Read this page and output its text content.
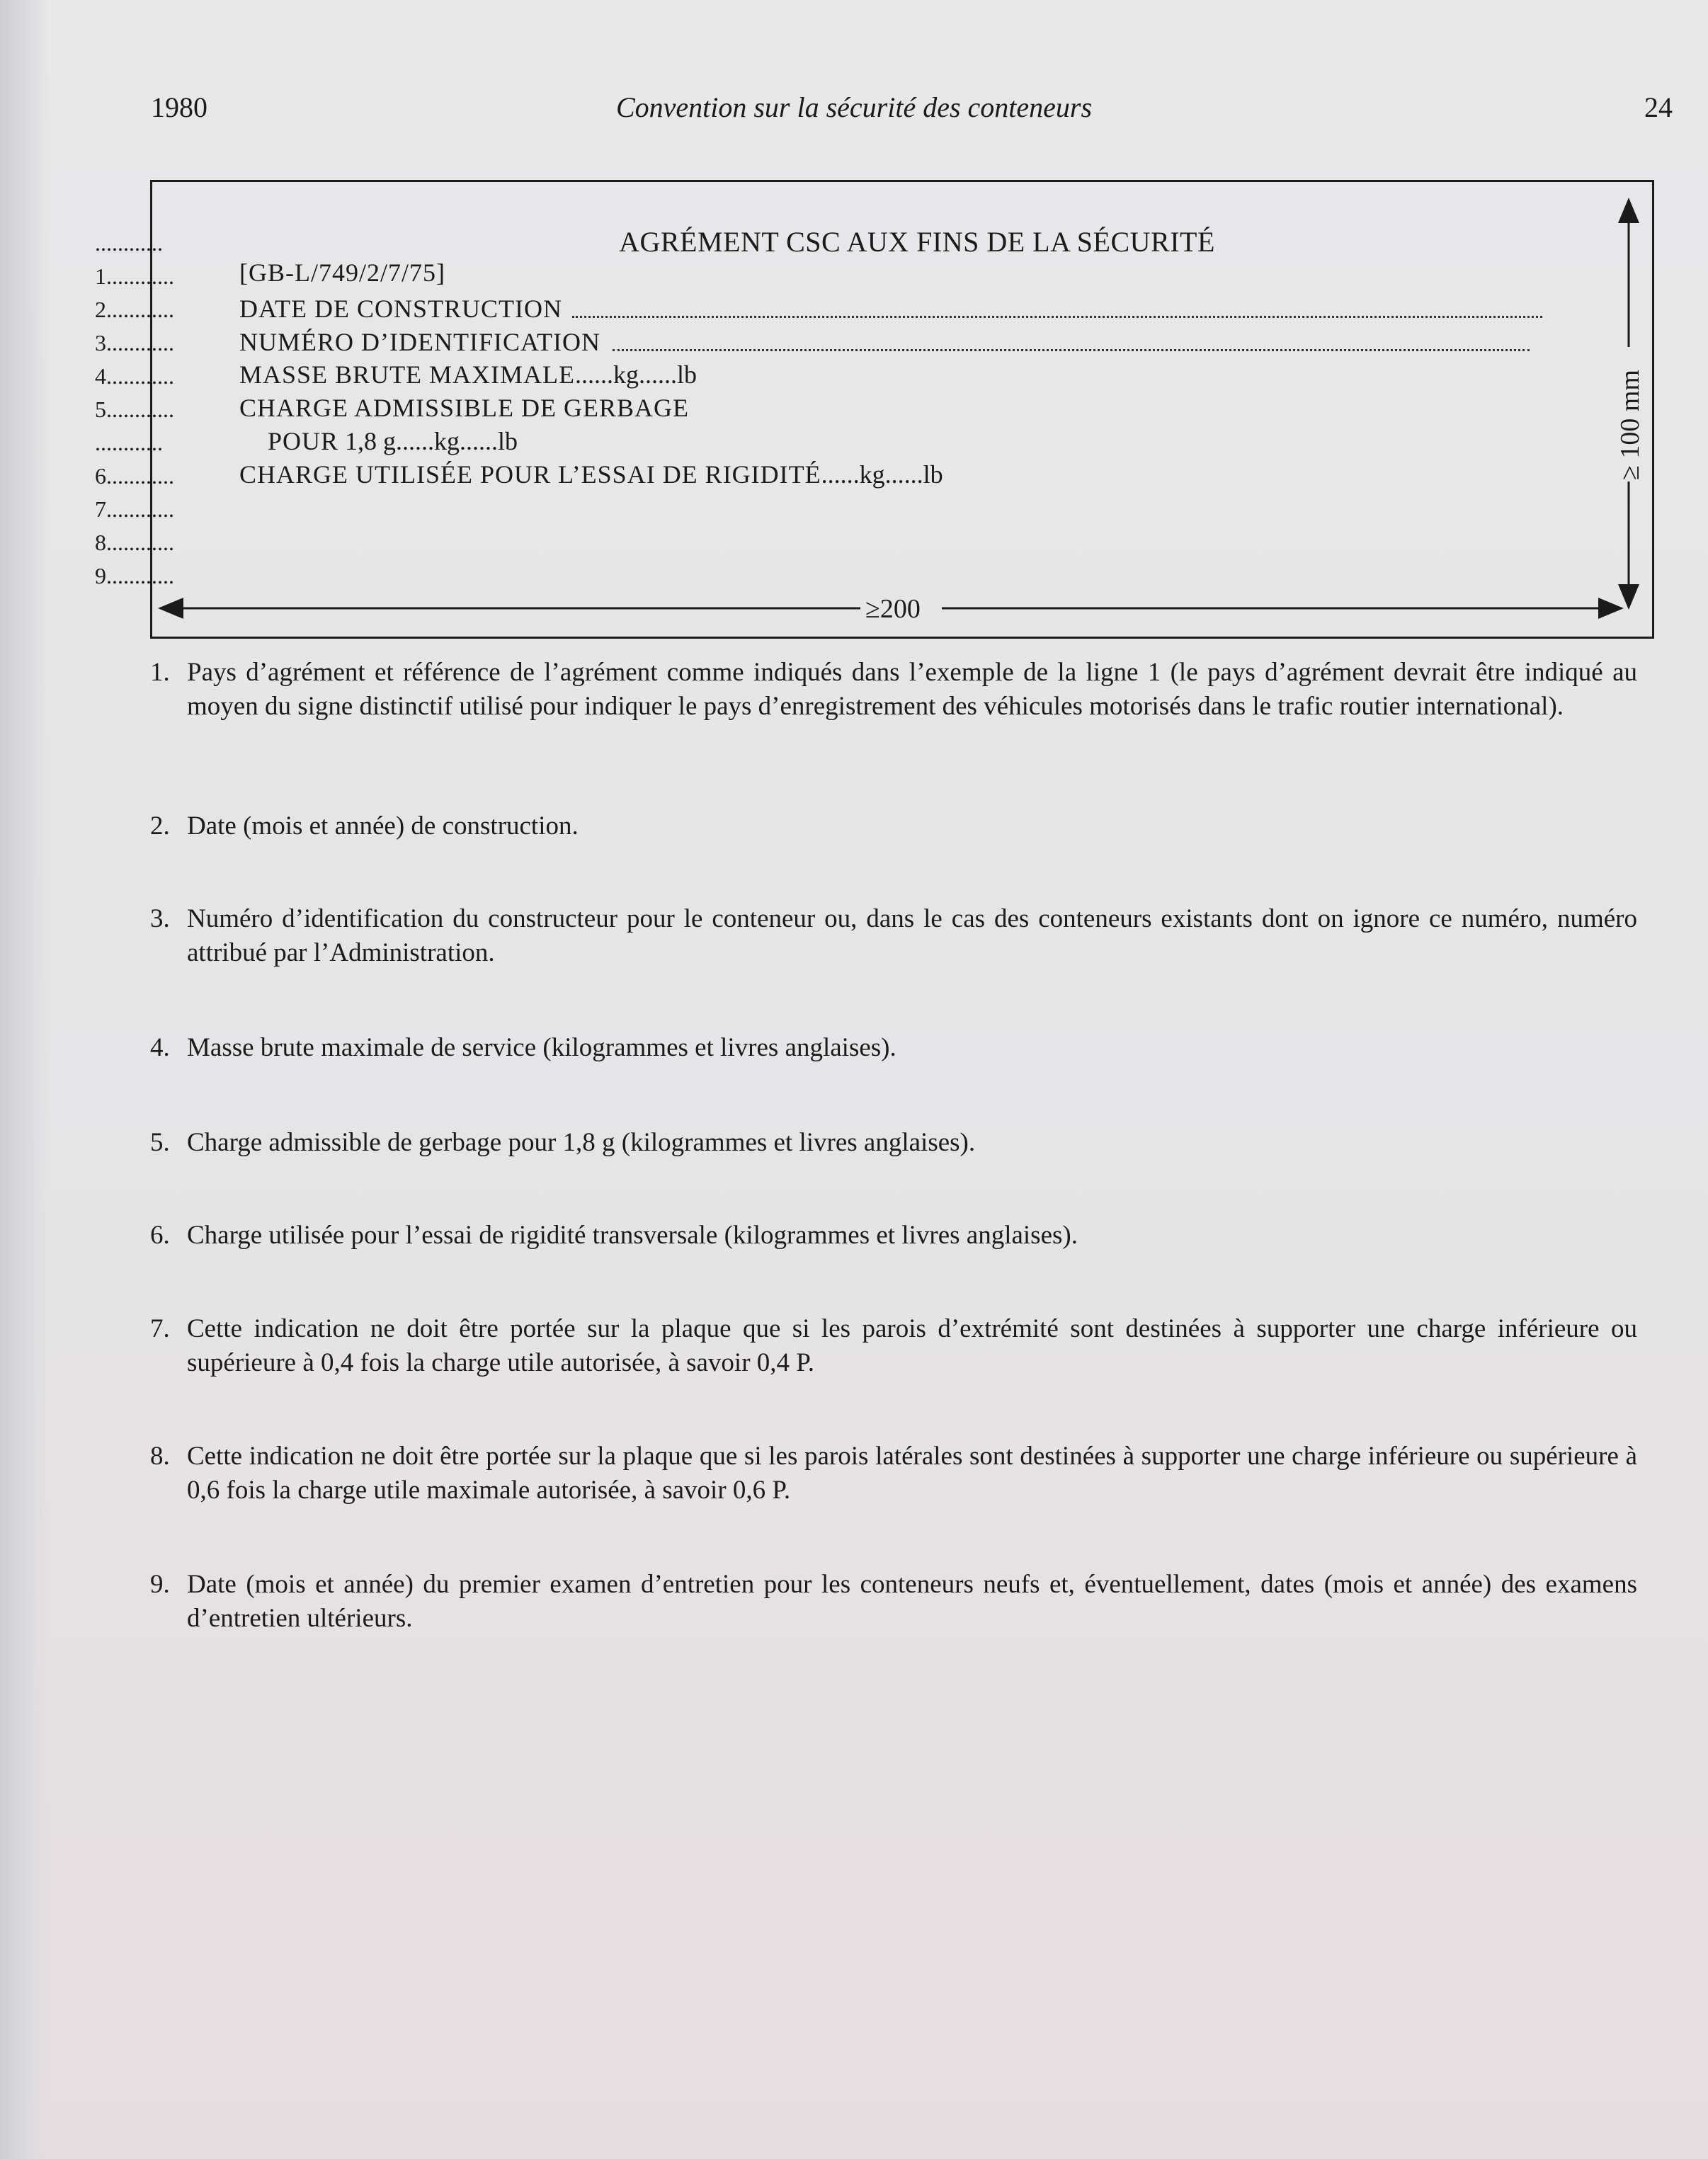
1980	Convention sur la sécurité des conteneurs	24
AGRÉMENT CSC AUX FINS DE LA SÉCURITÉ
............
1............
2............
3............
4............
5............
............
6............
7............
8............
9............
[GB-L/749/2/7/75]
DATE DE CONSTRUCTION
NUMÉRO D’IDENTIFICATION
MASSE BRUTE MAXIMALE......kg......lb
CHARGE ADMISSIBLE DE GERBAGE
POUR 1,8 g......kg......lb
CHARGE UTILISÉE POUR L’ESSAI DE RIGIDITÉ......kg......lb
≥200
≥ 100 mm
1. Pays d’agrément et référence de l’agrément comme indiqués dans l’exemple de la ligne 1 (le pays d’agrément devrait être indiqué au moyen du signe distinctif utilisé pour indiquer le pays d’enregistrement des véhicules motorisés dans le trafic routier international).
2. Date (mois et année) de construction.
3. Numéro d’identification du constructeur pour le conteneur ou, dans le cas des conteneurs existants dont on ignore ce numéro, numéro attribué par l’Administration.
4. Masse brute maximale de service (kilogrammes et livres anglaises).
5. Charge admissible de gerbage pour 1,8 g (kilogrammes et livres anglaises).
6. Charge utilisée pour l’essai de rigidité transversale (kilogrammes et livres anglaises).
7. Cette indication ne doit être portée sur la plaque que si les parois d’extrémité sont destinées à supporter une charge inférieure ou supérieure à 0,4 fois la charge utile autorisée, à savoir 0,4 P.
8. Cette indication ne doit être portée sur la plaque que si les parois latérales sont destinées à supporter une charge inférieure ou supérieure à 0,6 fois la charge utile maximale autorisée, à savoir 0,6 P.
9. Date (mois et année) du premier examen d’entretien pour les conteneurs neufs et, éventuellement, dates (mois et année) des examens d’entretien ultérieurs.
